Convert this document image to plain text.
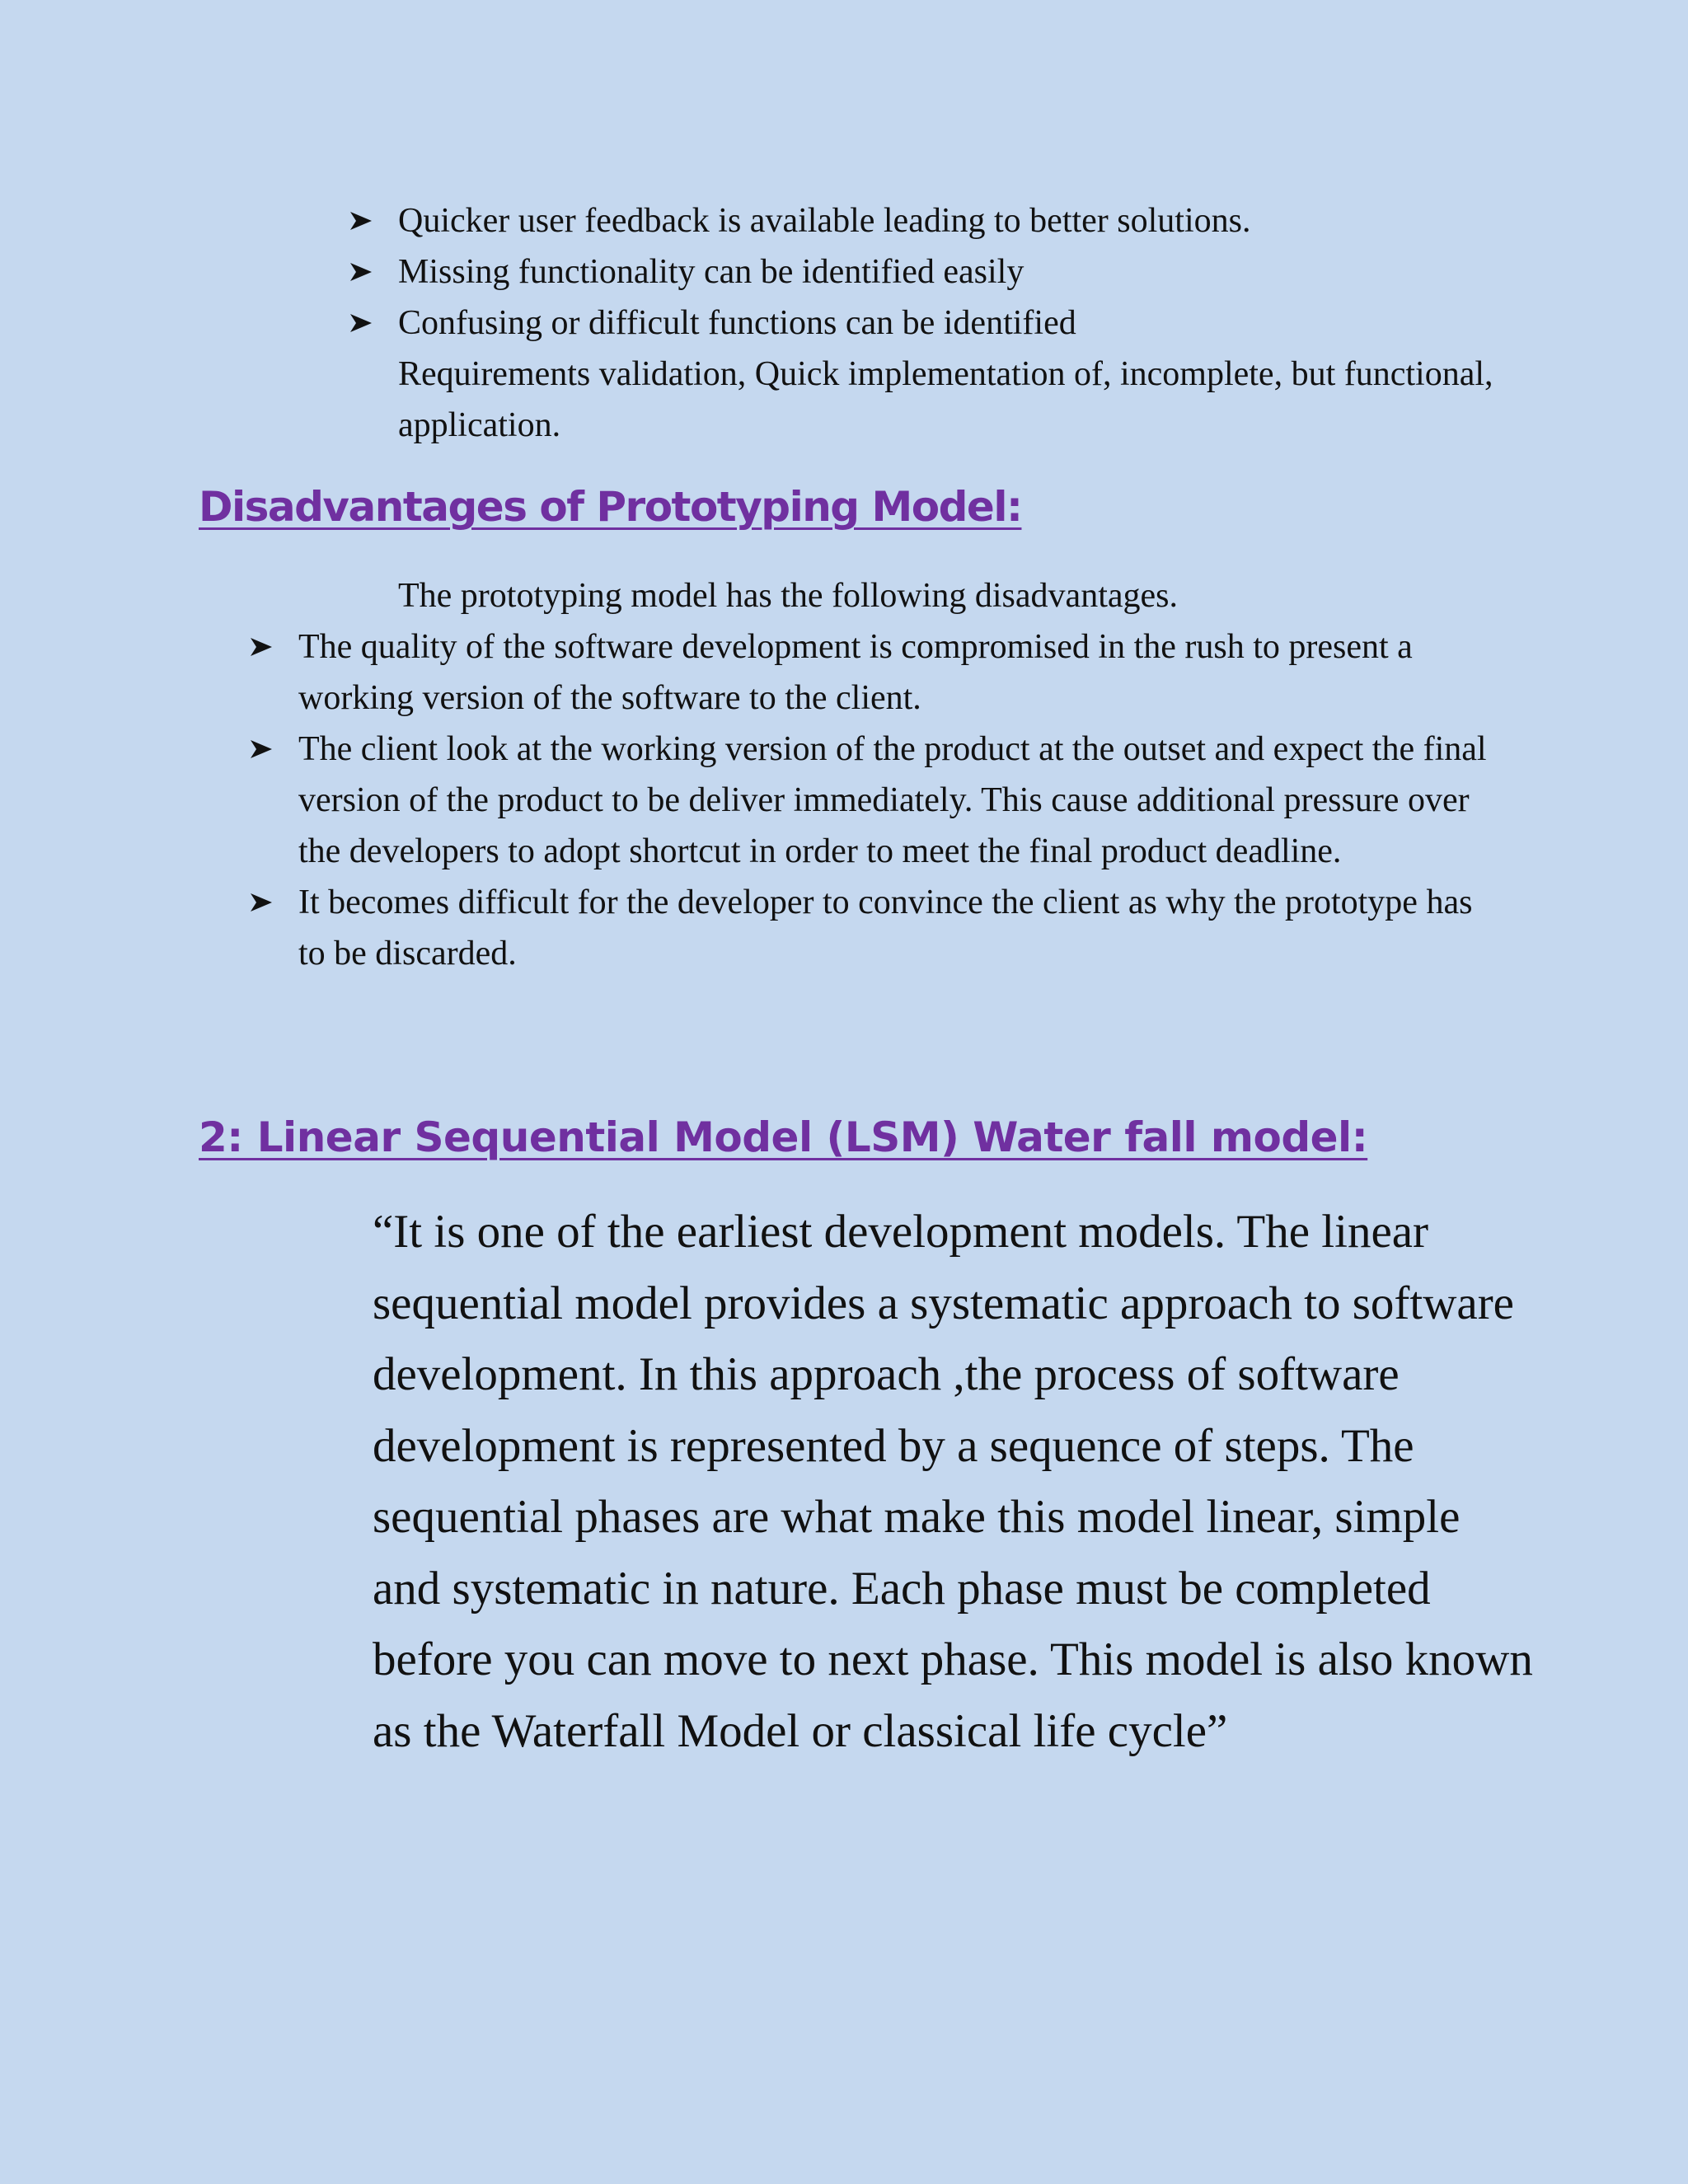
Quicker user feedback is available leading to better solutions.
Missing functionality can be identified easily
Confusing or difficult functions can be identified
Requirements validation, Quick implementation of, incomplete, but functional, application.
Disadvantages of Prototyping Model:

The prototyping model has the following disadvantages.

The quality of the software development is compromised in the rush to present a working version of the software to the client.
The client look at the working version of the product at the outset and expect the final version of the product to be deliver immediately. This cause additional pressure over the developers to adopt shortcut in order to meet the final product deadline.
It becomes difficult for the developer to convince the client as why the prototype has to be discarded.
2: Linear Sequential Model (LSM) Water fall model:

“It is one of the earliest development models. The linear sequential model provides a systematic approach to software development. In this approach ,the process of software development is represented by a sequence of steps. The sequential phases are what make this model linear, simple and systematic in nature. Each phase must be completed before you can move to next phase. This model is also known as the Waterfall Model or classical life cycle”
